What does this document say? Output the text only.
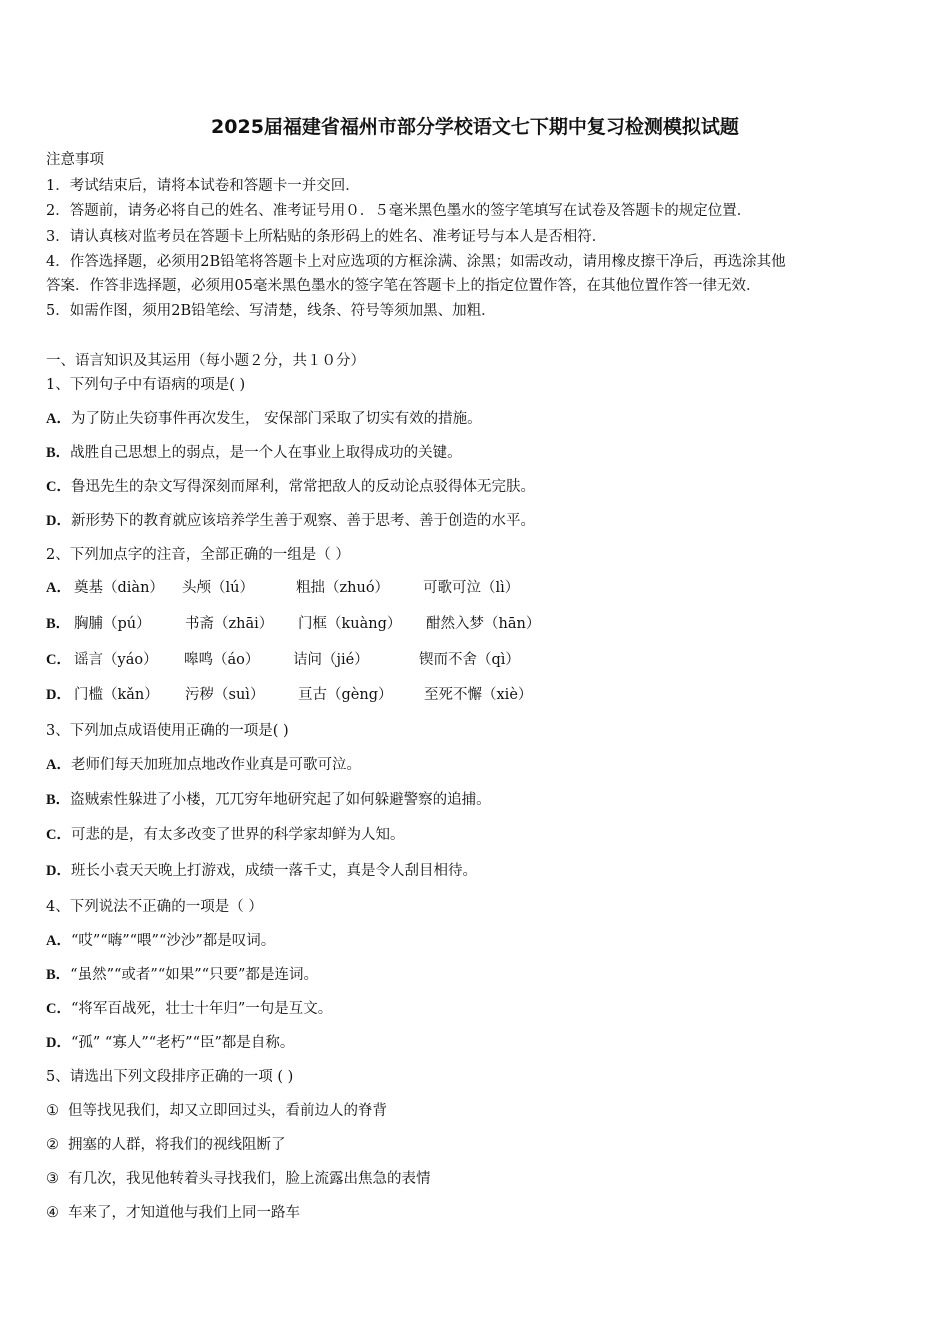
2025届福建省福州市部分学校语文七下期中复习检测模拟试题
注意事项
1．考试结束后，请将本试卷和答题卡一并交回．
2．答题前，请务必将自己的姓名、准考证号用０．５毫米黑色墨水的签字笔填写在试卷及答题卡的规定位置．
3．请认真核对监考员在答题卡上所粘贴的条形码上的姓名、准考证号与本人是否相符．
4．作答选择题，必须用2B铅笔将答题卡上对应选项的方框涂满、涂黑；如需改动，请用橡皮擦干净后，再选涂其他
答案．作答非选择题，必须用05毫米黑色墨水的签字笔在答题卡上的指定位置作答，在其他位置作答一律无效．
5．如需作图，须用2B铅笔绘、写清楚，线条、符号等须加黑、加粗．
一、语言知识及其运用（每小题２分，共１０分）
1、下列句子中有语病的项是( )
A．为了防止失窃事件再次发生， 安保部门采取了切实有效的措施。
B．战胜自己思想上的弱点，是一个人在事业上取得成功的关键。
C．鲁迅先生的杂文写得深刻而犀利，常常把敌人的反动论点驳得体无完肤。
D．新形势下的教育就应该培养学生善于观察、善于思考、善于创造的水平。
2、下列加点字的注音，全部正确的一组是（ ）
A． 奠基（diàn） 头颅（lú）	粗拙（zhuó） 可歌可泣（lì）
B． 胸脯（pú） 书斋（zhāi） 门框（kuàng） 酣然入梦（hān）
C． 谣言（yáo） 嗥鸣（áo） 诘问（jié）	锲而不舍（qì）
D． 门槛（kǎn） 污秽（suì） 亘古（gèng） 至死不懈（xiè）
3、下列加点成语使用正确的一项是( )
A．老师们每天加班加点地改作业真是可歌可泣。
B．盗贼索性躲进了小楼，兀兀穷年地研究起了如何躲避警察的追捕。
C．可悲的是，有太多改变了世界的科学家却鲜为人知。
D．班长小袁天天晚上打游戏，成绩一落千丈，真是令人刮目相待。
4、下列说法不正确的一项是（ ）
A．“哎”“嗨”“喂”“沙沙”都是叹词。
B．“虽然”“或者”“如果”“只要”都是连词。
C．“将军百战死，壮士十年归”一句是互文。
D．“孤” “寡人”“老朽”“臣”都是自称。
5、请选出下列文段排序正确的一项 ( )
① 但等找见我们，却又立即回过头，看前边人的脊背
② 拥塞的人群，将我们的视线阻断了
③ 有几次，我见他转着头寻找我们，脸上流露出焦急的表情
④ 车来了，才知道他与我们上同一路车
